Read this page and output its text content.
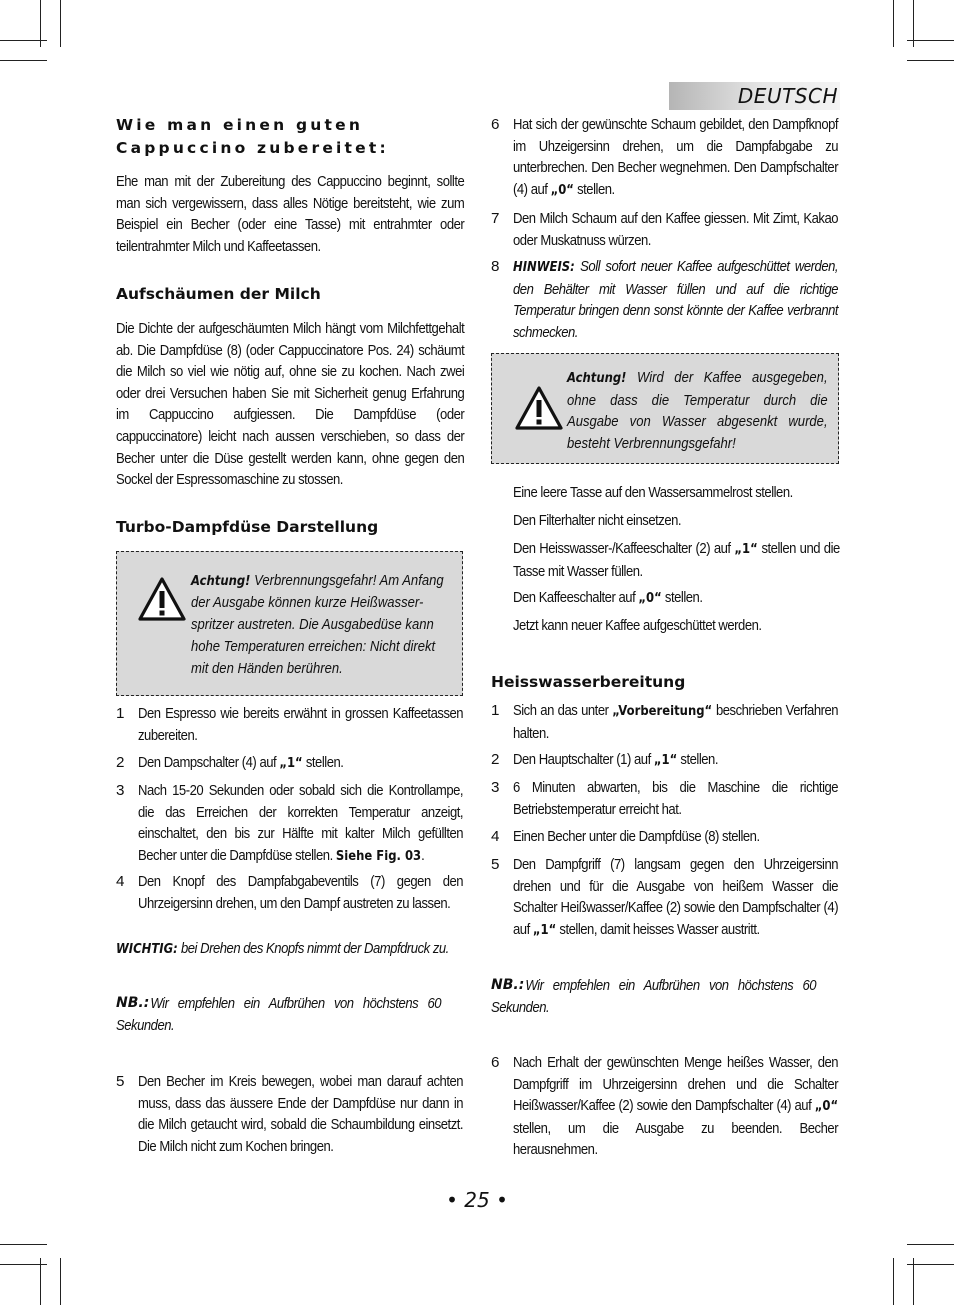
DEUTSCH
Wie man einen guten Cappuccino zubereitet:
Ehe man mit der Zubereitung des Cappuccino beginnt, sollte man sich vergewissern, dass alles Nötige bereitsteht, wie zum Beispiel ein Becher (oder eine Tasse) mit entrahmter oder teilentrahmter Milch und Kaffeetassen.
Aufschäumen der Milch
Die Dichte der aufgeschäumten Milch hängt vom Milchfettgehalt ab. Die Dampfdüse (8) (oder Cappuccinatore Pos. 24) schäumt die Milch so viel wie nötig auf, ohne sie zu kochen. Nach zwei oder drei Versuchen haben Sie mit Sicherheit genug Erfahrung im Cappuccino aufgiessen. Die Dampfdüse (oder cappuccinatore) leicht nach aussen verschieben, so dass der Becher unter die Düse gestellt werden kann, ohne gegen den Sockel der Espressomaschine zu stossen.
Turbo-Dampfdüse Darstellung
Achtung! Verbrennungsgefahr! Am Anfang der Ausgabe können kurze Heißwasser-spritzer austreten. Die Ausgabedüse kann hohe Temperaturen erreichen: Nicht direkt mit den Händen berühren.
1 Den Espresso wie bereits erwähnt in grossen Kaffeetassen zubereiten.
2 Den Dampschalter (4) auf „1“ stellen.
3 Nach 15-20 Sekunden oder sobald sich die Kontrollampe, die das Erreichen der korrekten Temperatur anzeigt, einschaltet, den bis zur Hälfte mit kalter Milch gefüllten Becher unter die Dampfdüse stellen. Siehe Fig. 03.
4 Den Knopf des Dampfabgabeventils (7) gegen den Uhrzeigersinn drehen, um den Dampf austreten zu lassen.
WICHTIG: bei Drehen des Knopfs nimmt der Dampfdruck zu.
NB.: Wir empfehlen ein Aufbrühen von höchstens 60 Sekunden.
5 Den Becher im Kreis bewegen, wobei man darauf achten muss, dass das äussere Ende der Dampfdüse nur dann in die Milch getaucht wird, sobald die Schaumbildung einsetzt. Die Milch nicht zum Kochen bringen.
6 Hat sich der gewünschte Schaum gebildet, den Dampfknopf im Uhzeigersinn drehen, um die Dampfabgabe zu unterbrechen. Den Becher wegnehmen. Den Dampfschalter (4) auf „0“ stellen.
7 Den Milch Schaum auf den Kaffee giessen. Mit Zimt, Kakao oder Muskatnuss würzen.
8 HINWEIS: Soll sofort neuer Kaffee aufgeschüttet werden, den Behälter mit Wasser füllen und auf die richtige Temperatur bringen denn sonst könnte der Kaffee verbrannt schmecken.
Achtung! Wird der Kaffee ausgegeben, ohne dass die Temperatur durch die Ausgabe von Wasser abgesenkt wurde, besteht Verbrennungsgefahr!
Eine leere Tasse auf den Wassersammelrost stellen.
Den Filterhalter nicht einsetzen.
Den Heisswasser-/Kaffeeschalter (2) auf „1“ stellen und die Tasse mit Wasser füllen.
Den Kaffeeschalter auf „0“ stellen.
Jetzt kann neuer Kaffee aufgeschüttet werden.
Heisswasserbereitung
1 Sich an das unter „Vorbereitung“ beschrieben Verfahren halten.
2 Den Hauptschalter (1) auf „1“ stellen.
3 6 Minuten abwarten, bis die Maschine die richtige Betriebstemperatur erreicht hat.
4 Einen Becher unter die Dampfdüse (8) stellen.
5 Den Dampfgriff (7) langsam gegen den Uhrzeigersinn drehen und für die Ausgabe von heißem Wasser die Schalter Heißwasser/Kaffee (2) sowie den Dampfschalter (4) auf „1“ stellen, damit heisses Wasser austritt.
NB.: Wir empfehlen ein Aufbrühen von höchstens 60 Sekunden.
6 Nach Erhalt der gewünschten Menge heißes Wasser, den Dampfgriff im Uhrzeigersinn drehen und die Schalter Heißwasser/Kaffee (2) sowie den Dampfschalter (4) auf „0“ stellen, um die Ausgabe zu beenden. Becher herausnehmen.
• 25 •
